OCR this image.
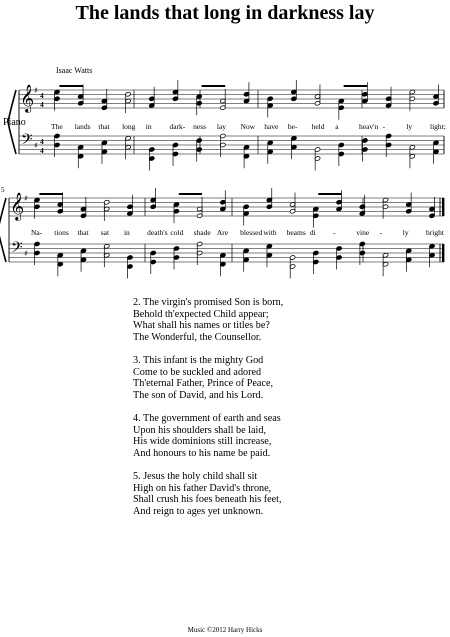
The lands that long in darkness lay
Isaac Watts
Piano
𝄞
𝄢
♯
♯
4
4
4
4
The lands that long in dark- ness lay Now have be- held a	heav'n -	ly light;
𝄞
𝄢
♯
♯
5
Na- tions that sat in death's cold shade Are blessed with beams di -	vine -	ly bright
2. The virgin's promised Son is born,
Behold th'expected Child appear;
What shall his names or titles be?
The Wonderful, the Counsellor.
3. This infant is the mighty God
Come to be suckled and adored
Th'eternal Father, Prince of Peace,
The son of David, and his Lord.
4. The government of earth and seas
Upon his shoulders shall be laid,
His wide dominions still increase,
And honours to his name be paid.
5. Jesus the holy child shall sit
High on his father David's throne,
Shall crush his foes beneath his feet,
And reign to ages yet unknown.
Music ©2012 Harry Hicks
